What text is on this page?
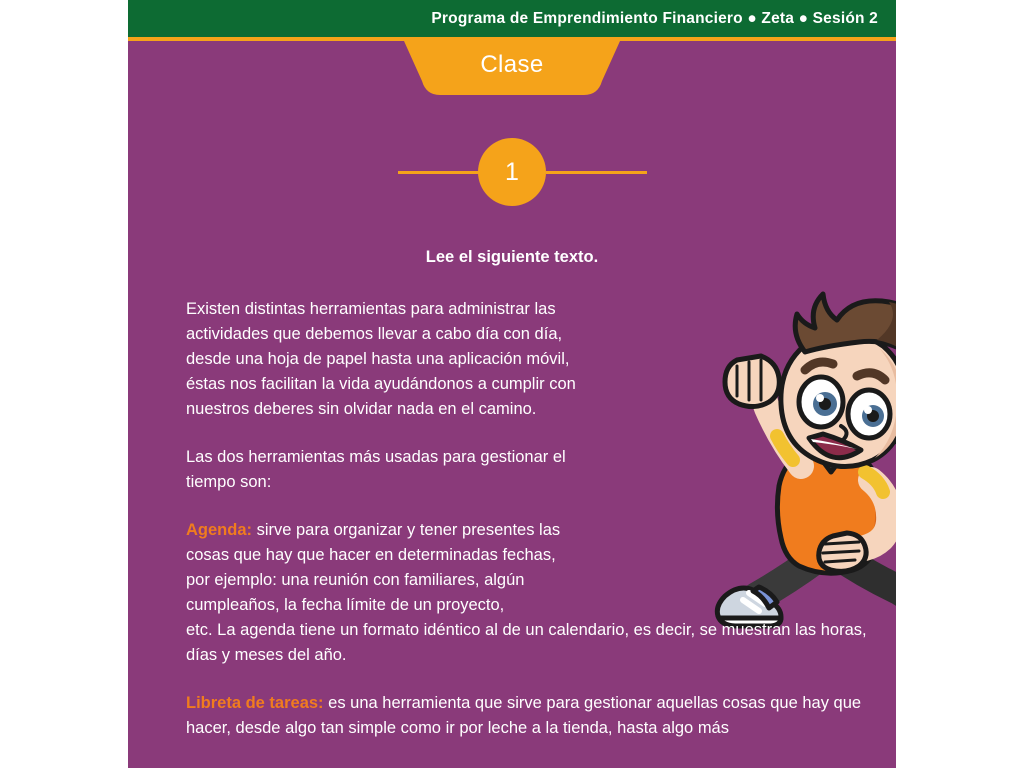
Programa de Emprendimiento Financiero ● Zeta ● Sesión 2
Clase
1
Lee el siguiente texto.

Existen distintas herramientas para administrar las actividades que debemos llevar a cabo día con día, desde una hoja de papel hasta una aplicación móvil, éstas nos facilitan la vida ayudándonos a cumplir con nuestros deberes sin olvidar nada en el camino.

Las dos herramientas más usadas para gestionar el tiempo son:

Agenda: sirve para organizar y tener presentes las cosas que hay que hacer en determinadas fechas, por ejemplo: una reunión con familiares, algún cumpleaños, la fecha límite de un proyecto,

etc. La agenda tiene un formato idéntico al de un calendario, es decir, se muestran las horas, días y meses del año.

Libreta de tareas: es una herramienta que sirve para gestionar aquellas cosas que hay que hacer, desde algo tan simple como ir por leche a la tienda, hasta algo más
